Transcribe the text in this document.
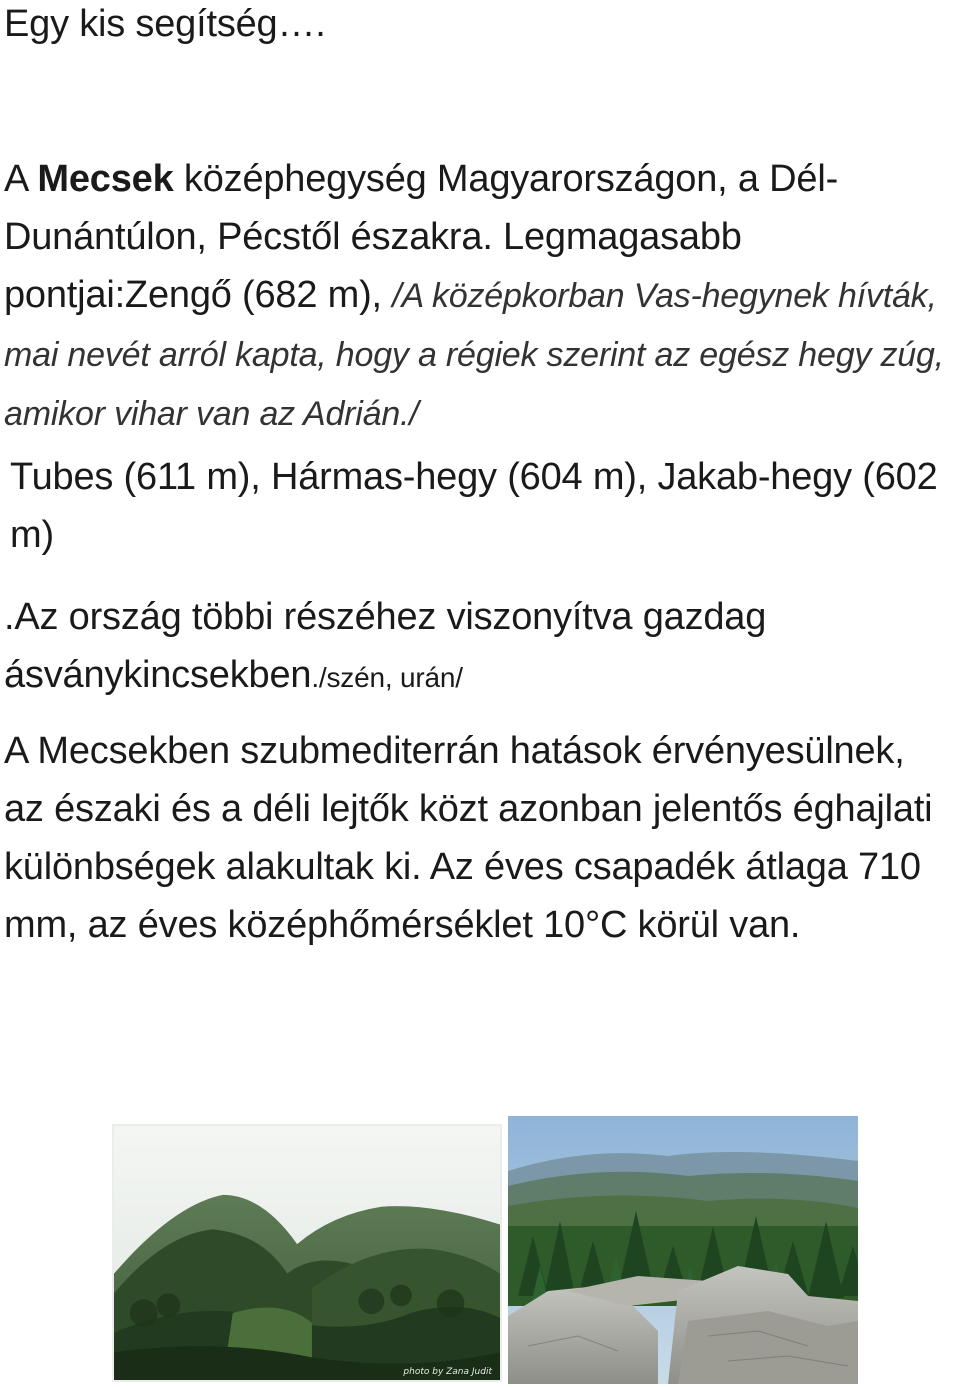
Egy kis segítség….

A Mecsek középhegység Magyarországon, a Dél-Dunántúlon, Pécstől északra. Legmagasabb pontjai:Zengő (682 m), /A középkorban Vas-hegynek hívták, mai nevét arról kapta, hogy a régiek szerint az egész hegy zúg, amikor vihar van az Adrián./

Tubes (611 m), Hármas-hegy (604 m), Jakab-hegy (602 m)

.Az ország többi részéhez viszonyítva gazdag ásványkincsekben./szén, urán/

A Mecsekben szubmediterrán hatások érvényesülnek, az északi és a déli lejtők közt azonban jelentős éghajlati különbségek alakultak ki. Az éves csapadék átlaga 710 mm, az éves középhőmérséklet 10°C körül van.

photo by Zana Judit
